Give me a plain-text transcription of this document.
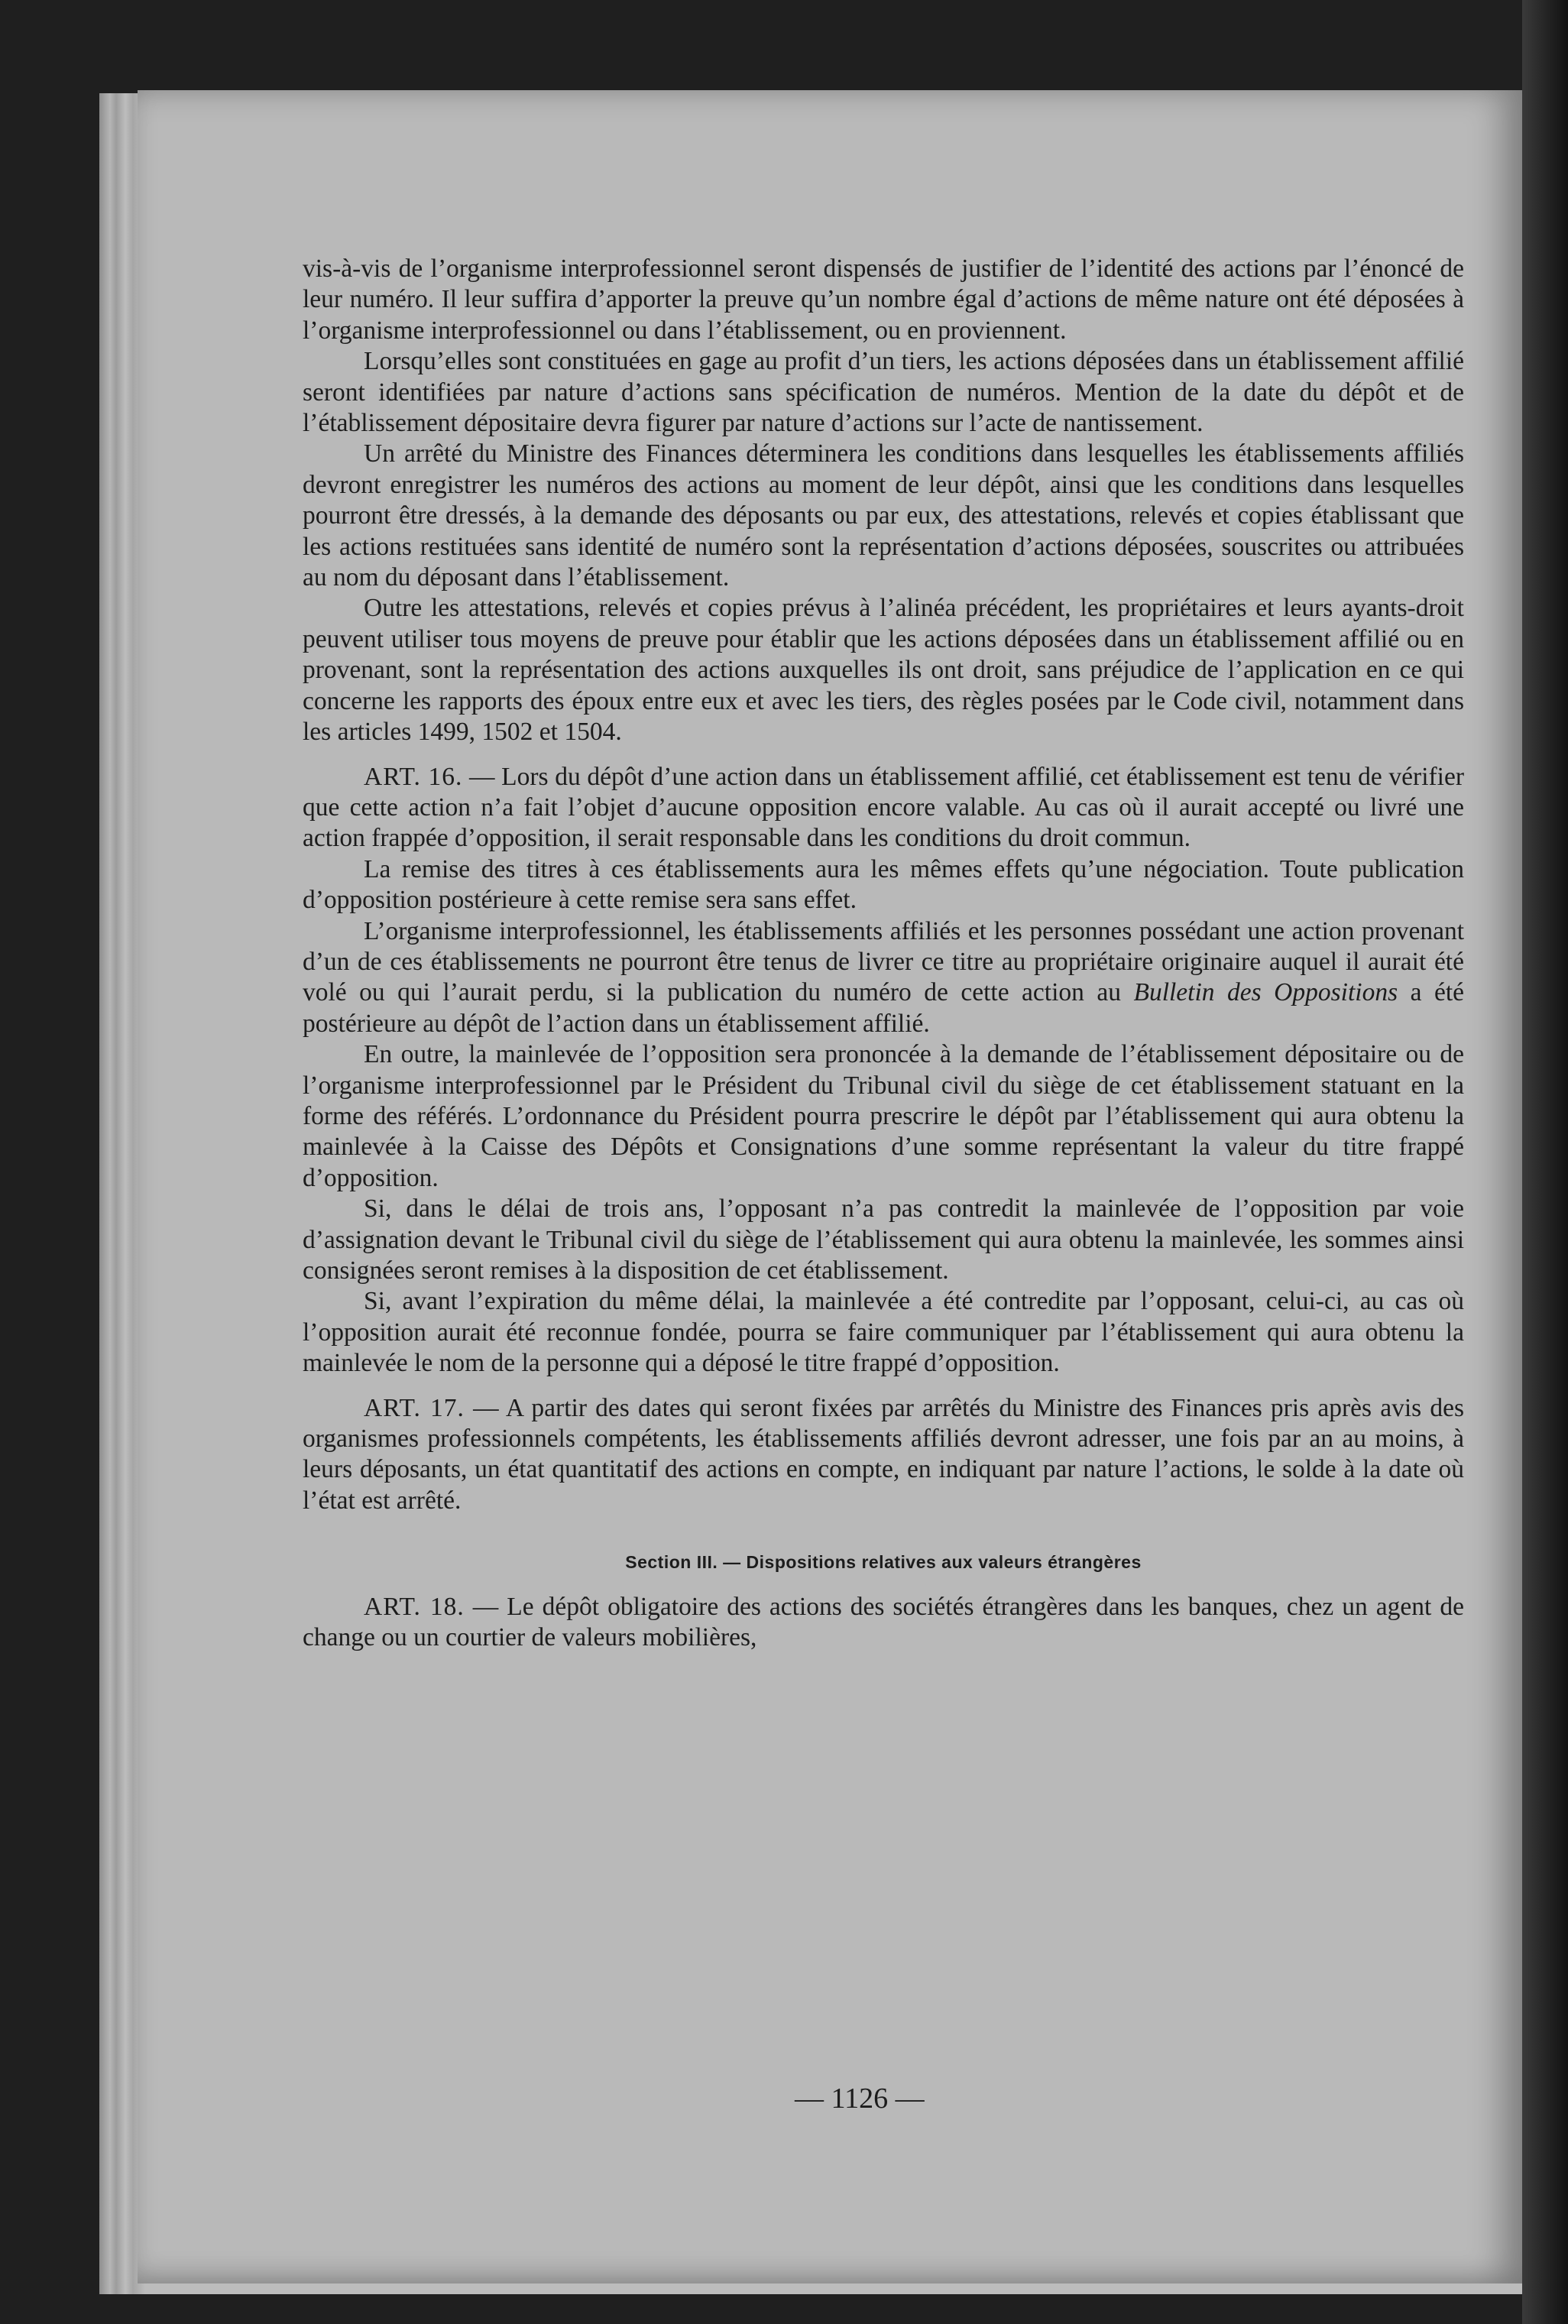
vis-à-vis de l’organisme interprofessionnel seront dispensés de justifier de l’identité des actions par l’énoncé de leur numéro. Il leur suffira d’apporter la preuve qu’un nombre égal d’actions de même nature ont été déposées à l’organisme interprofessionnel ou dans l’établissement, ou en proviennent.

Lorsqu’elles sont constituées en gage au profit d’un tiers, les actions déposées dans un établissement affilié seront identifiées par nature d’actions sans spécification de numéros. Mention de la date du dépôt et de l’établissement dépositaire devra figurer par nature d’actions sur l’acte de nantissement.

Un arrêté du Ministre des Finances déterminera les conditions dans lesquelles les établissements affiliés devront enregistrer les numéros des actions au moment de leur dépôt, ainsi que les conditions dans lesquelles pourront être dressés, à la demande des déposants ou par eux, des attestations, relevés et copies établissant que les actions restituées sans identité de numéro sont la représentation d’actions déposées, souscrites ou attribuées au nom du déposant dans l’établissement.

Outre les attestations, relevés et copies prévus à l’alinéa précédent, les propriétaires et leurs ayants-droit peuvent utiliser tous moyens de preuve pour établir que les actions déposées dans un établissement affilié ou en provenant, sont la représentation des actions auxquelles ils ont droit, sans préjudice de l’application en ce qui concerne les rapports des époux entre eux et avec les tiers, des règles posées par le Code civil, notamment dans les articles 1499, 1502 et 1504.

ART. 16. — Lors du dépôt d’une action dans un établissement affilié, cet établissement est tenu de vérifier que cette action n’a fait l’objet d’aucune opposition encore valable. Au cas où il aurait accepté ou livré une action frappée d’opposition, il serait responsable dans les conditions du droit commun.

La remise des titres à ces établissements aura les mêmes effets qu’une négociation. Toute publication d’opposition postérieure à cette remise sera sans effet.

L’organisme interprofessionnel, les établissements affiliés et les personnes possédant une action provenant d’un de ces établissements ne pourront être tenus de livrer ce titre au propriétaire originaire auquel il aurait été volé ou qui l’aurait perdu, si la publication du numéro de cette action au Bulletin des Oppositions a été postérieure au dépôt de l’action dans un établissement affilié.

En outre, la mainlevée de l’opposition sera prononcée à la demande de l’établissement dépositaire ou de l’organisme interprofessionnel par le Président du Tribunal civil du siège de cet établissement statuant en la forme des référés. L’ordonnance du Président pourra prescrire le dépôt par l’établissement qui aura obtenu la mainlevée à la Caisse des Dépôts et Consignations d’une somme représentant la valeur du titre frappé d’opposition.

Si, dans le délai de trois ans, l’opposant n’a pas contredit la mainlevée de l’opposition par voie d’assignation devant le Tribunal civil du siège de l’établissement qui aura obtenu la mainlevée, les sommes ainsi consignées seront remises à la disposition de cet établissement.

Si, avant l’expiration du même délai, la mainlevée a été contredite par l’opposant, celui-ci, au cas où l’opposition aurait été reconnue fondée, pourra se faire communiquer par l’établissement qui aura obtenu la mainlevée le nom de la personne qui a déposé le titre frappé d’opposition.

ART. 17. — A partir des dates qui seront fixées par arrêtés du Ministre des Finances pris après avis des organismes professionnels compétents, les établissements affiliés devront adresser, une fois par an au moins, à leurs déposants, un état quantitatif des actions en compte, en indiquant par nature l’actions, le solde à la date où l’état est arrêté.

Section III. — Dispositions relatives aux valeurs étrangères

ART. 18. — Le dépôt obligatoire des actions des sociétés étrangères dans les banques, chez un agent de change ou un courtier de valeurs mobilières,

— 1126 —
